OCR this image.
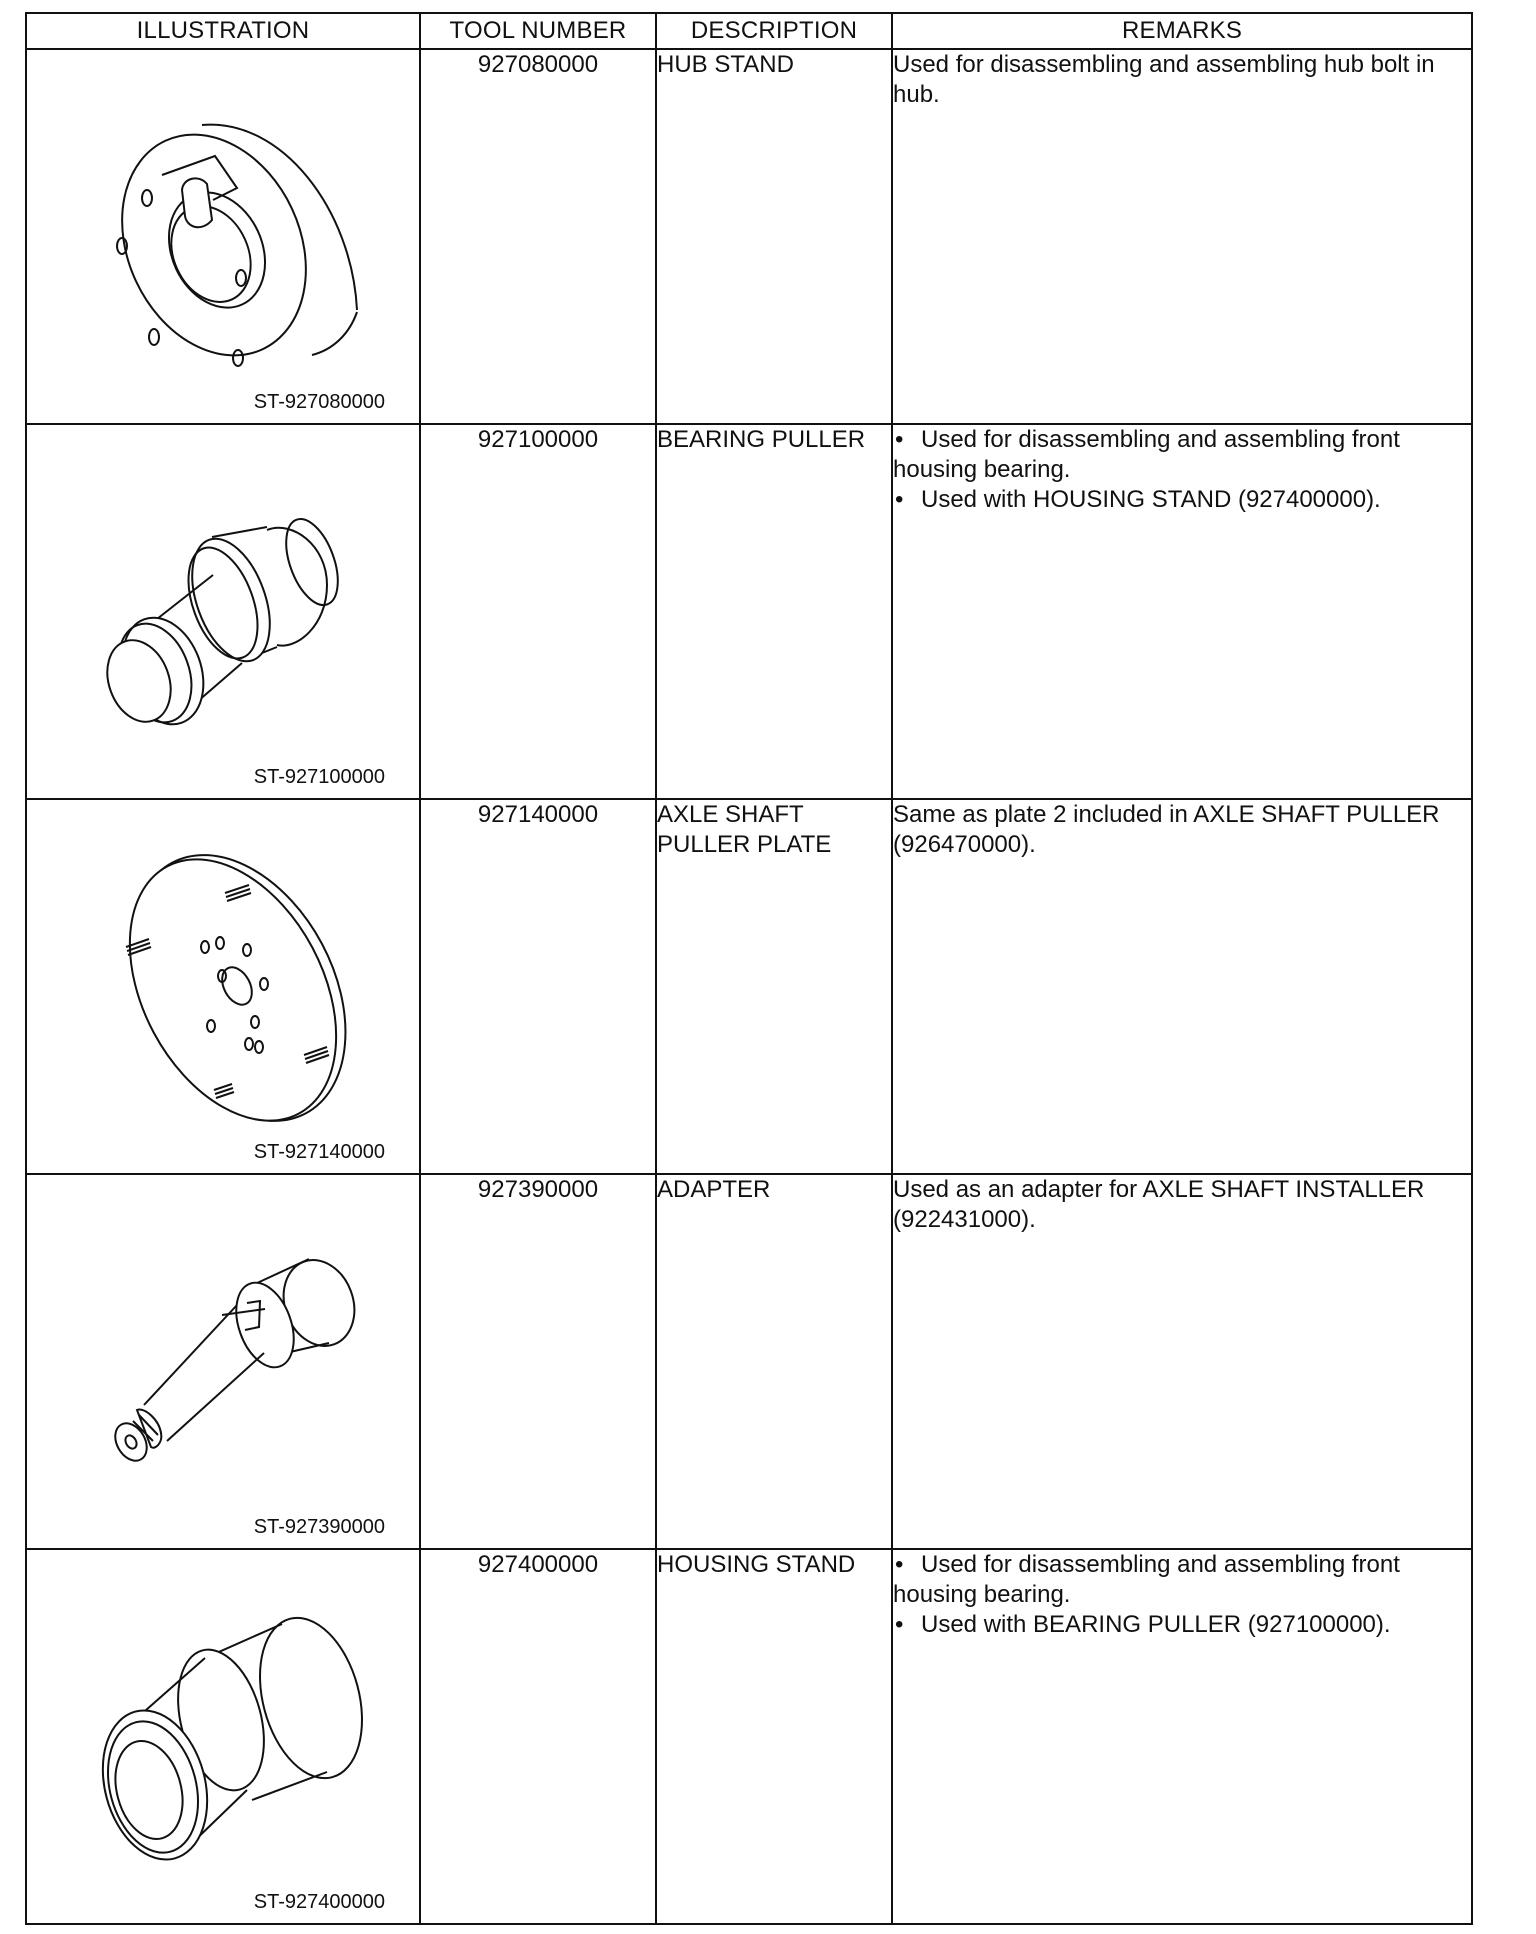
ILLUSTRATION	TOOL NUMBER	DESCRIPTION	REMARKS

ST-927080000	927080000	HUB STAND	Used for disassembling and assembling hub bolt in hub.

ST-927100000	927100000	BEARING PULLER	• Used for disassembling and assembling front housing bearing.
• Used with HOUSING STAND (927400000).

ST-927140000	927140000	AXLE SHAFT PULLER PLATE	Same as plate 2 included in AXLE SHAFT PULLER (926470000).

ST-927390000	927390000	ADAPTER	Used as an adapter for AXLE SHAFT INSTALLER (922431000).

ST-927400000	927400000	HOUSING STAND	• Used for disassembling and assembling front housing bearing.
• Used with BEARING PULLER (927100000).
